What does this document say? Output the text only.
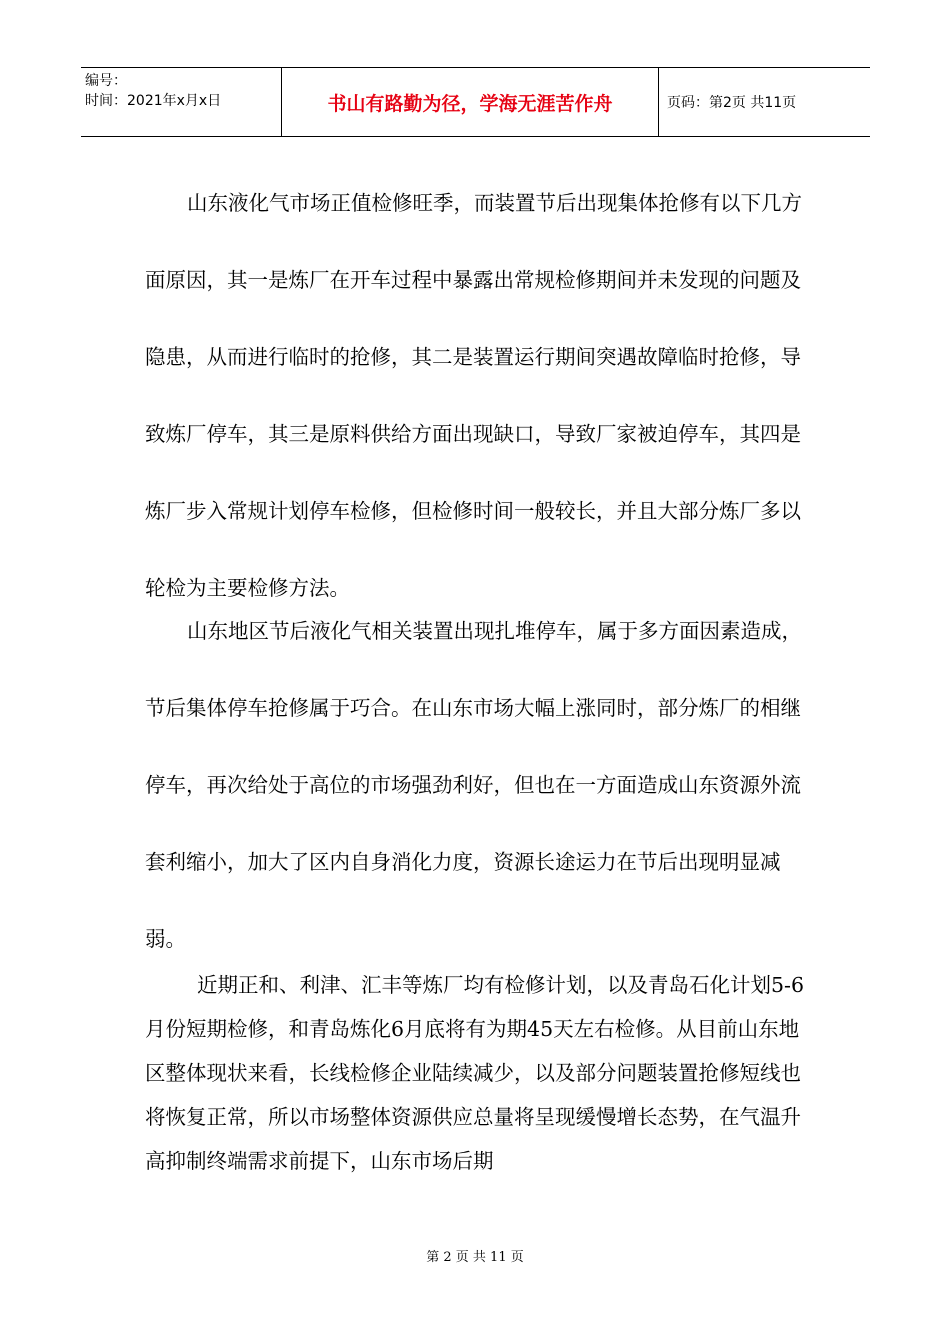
编号：
时间：2021年x月x日	书山有路勤为径，学海无涯苦作舟	页码：第2页 共11页

山东液化气市场正值检修旺季，而装置节后出现集体抢修有以下几方面原因，其一是炼厂在开车过程中暴露出常规检修期间并未发现的问题及隐患，从而进行临时的抢修，其二是装置运行期间突遇故障临时抢修，导致炼厂停车，其三是原料供给方面出现缺口，导致厂家被迫停车，其四是炼厂步入常规计划停车检修，但检修时间一般较长，并且大部分炼厂多以轮检为主要检修方法。

山东地区节后液化气相关装置出现扎堆停车，属于多方面因素造成，节后集体停车抢修属于巧合。在山东市场大幅上涨同时，部分炼厂的相继停车，再次给处于高位的市场强劲利好，但也在一方面造成山东资源外流套利缩小，加大了区内自身消化力度，资源长途运力在节后出现明显减弱。

近期正和、利津、汇丰等炼厂均有检修计划，以及青岛石化计划5-6月份短期检修，和青岛炼化6月底将有为期45天左右检修。从目前山东地区整体现状来看，长线检修企业陆续减少，以及部分问题装置抢修短线也将恢复正常，所以市场整体资源供应总量将呈现缓慢增长态势，在气温升高抑制终端需求前提下，山东市场后期

第 2 页 共 11 页
